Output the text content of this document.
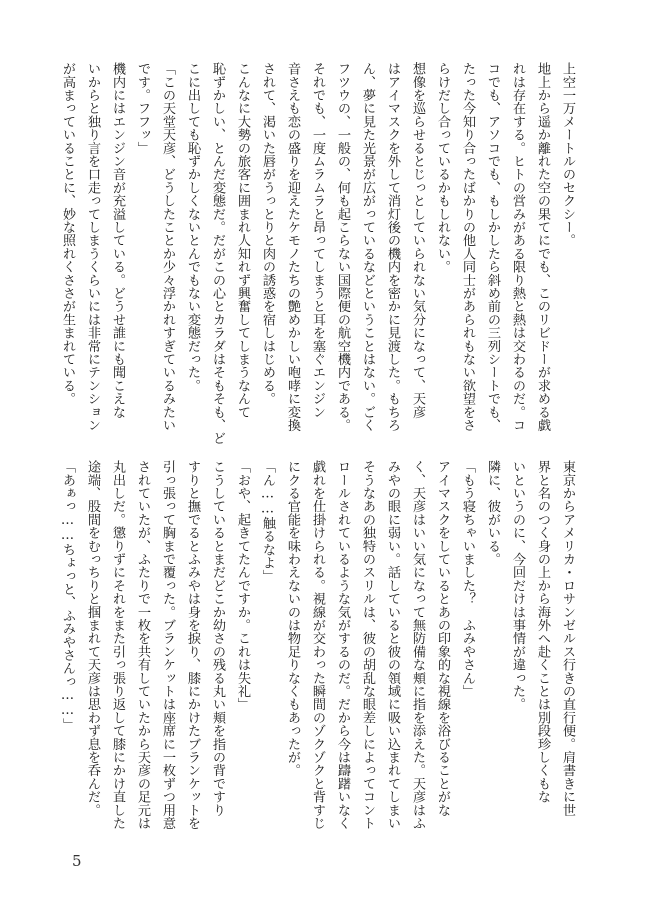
上空一万メートルのセクシー。
地上から遥か離れた空の果てにでも、このリビドーが求める戯
れは存在する。ヒトの営みがある限り熱と熱は交わるのだ。コ
コでも、アソコでも、もしかしたら斜め前の三列シートでも、
たった今知り合ったばかりの他人同士があられもない欲望をさ
らけだし合っているかもしれない。
想像を巡らせるとじっとしていられない気分になって、天彦
はアイマスクを外して消灯後の機内を密かに見渡した。もちろ
ん、夢に見た光景が広がっているなどということはない。ごく
フツウの、一般の、何も起こらない国際便の航空機内である。
それでも、一度ムラムラと昂ってしまうと耳を塞ぐエンジン
音さえも恋の盛りを迎えたケモノたちの艶めかしい咆哮に変換
されて、渇いた唇がうっとりと肉の誘惑を宿しはじめる。
こんなに大勢の旅客に囲まれ人知れず興奮してしまうなんて
恥ずかしい、とんだ変態だ。だがこの心とカラダはそもそも、ど
こに出しても恥ずかしくないとんでもない変態だった。
「この天堂天彦、どうしたことか少々浮かれすぎているみたい
です。フフッ」
機内にはエンジン音が充溢している。どうせ誰にも聞こえな
いからと独り言を口走ってしまうくらいには非常にテンション
が高まっていることに、妙な照れくささが生まれている。
東京からアメリカ・ロサンゼルス行きの直行便。肩書きに世
界と名のつく身の上から海外へ赴くことは別段珍しくもな
いというのに、今回だけは事情が違った。
隣に、彼がいる。
「もう寝ちゃいました？　ふみやさん」
アイマスクをしているとあの印象的な視線を浴びることがな
く、天彦はいい気になって無防備な頬に指を添えた。天彦はふ
みやの眼に弱い。話していると彼の領域に吸い込まれてしまい
そうなあの独特のスリルは、彼の胡乱な眼差しによってコント
ロールされているような気がするのだ。だから今は躊躇いなく
戯れを仕掛けられる。視線が交わった瞬間のゾクゾクと背すじ
にクる官能を味わえないのは物足りなくもあったが。
「ん……触るなよ」
「おや、起きてたんですか。これは失礼」
こうしているとまだどこか幼さの残る丸い頬を指の背ですり
すりと撫でるとふみやは身を捩り、膝にかけたブランケットを
引っ張って胸まで覆った。ブランケットは座席に一枚ずつ用意
されていたが、ふたりで一枚を共有していたから天彦の足元は
丸出しだ。懲りずにそれをまた引っ張り返して膝にかけ直した
途端、股間をむっちりと掴まれて天彦は思わず息を呑んだ。
「あぁっ……ちょっと、ふみやさんっ……」
5
